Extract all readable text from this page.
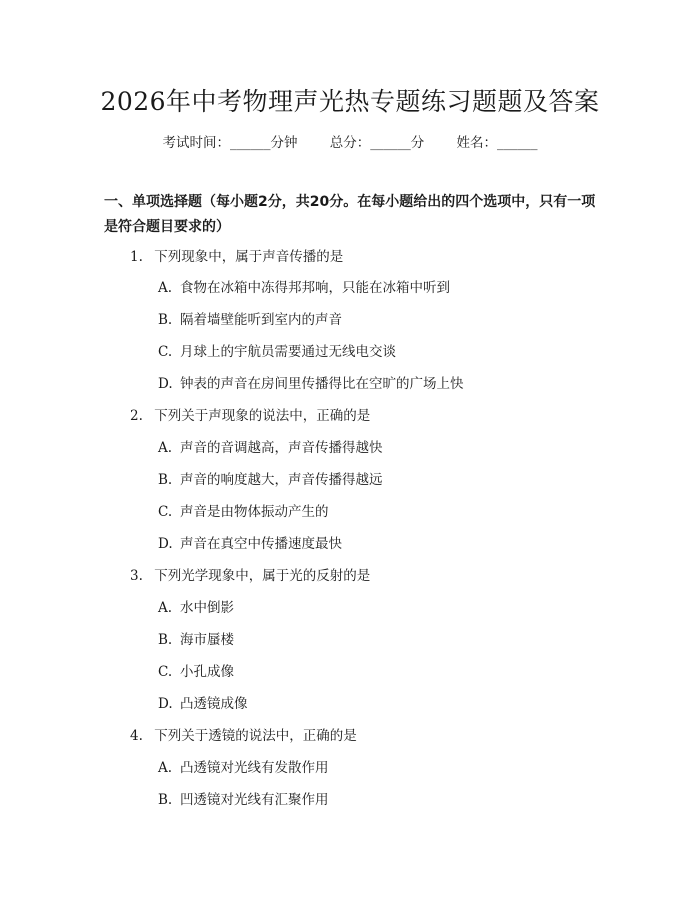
2026年中考物理声光热专题练习题题及答案
考试时间：______分钟 总分：______分 姓名：______
一、单项选择题（每小题2分，共20分。在每小题给出的四个选项中，只有一项是符合题目要求的）
1. 下列现象中，属于声音传播的是
A. 食物在冰箱中冻得邦邦响，只能在冰箱中听到
B. 隔着墙壁能听到室内的声音
C. 月球上的宇航员需要通过无线电交谈
D. 钟表的声音在房间里传播得比在空旷的广场上快
2. 下列关于声现象的说法中，正确的是
A. 声音的音调越高，声音传播得越快
B. 声音的响度越大，声音传播得越远
C. 声音是由物体振动产生的
D. 声音在真空中传播速度最快
3. 下列光学现象中，属于光的反射的是
A. 水中倒影
B. 海市蜃楼
C. 小孔成像
D. 凸透镜成像
4. 下列关于透镜的说法中，正确的是
A. 凸透镜对光线有发散作用
B. 凹透镜对光线有汇聚作用
